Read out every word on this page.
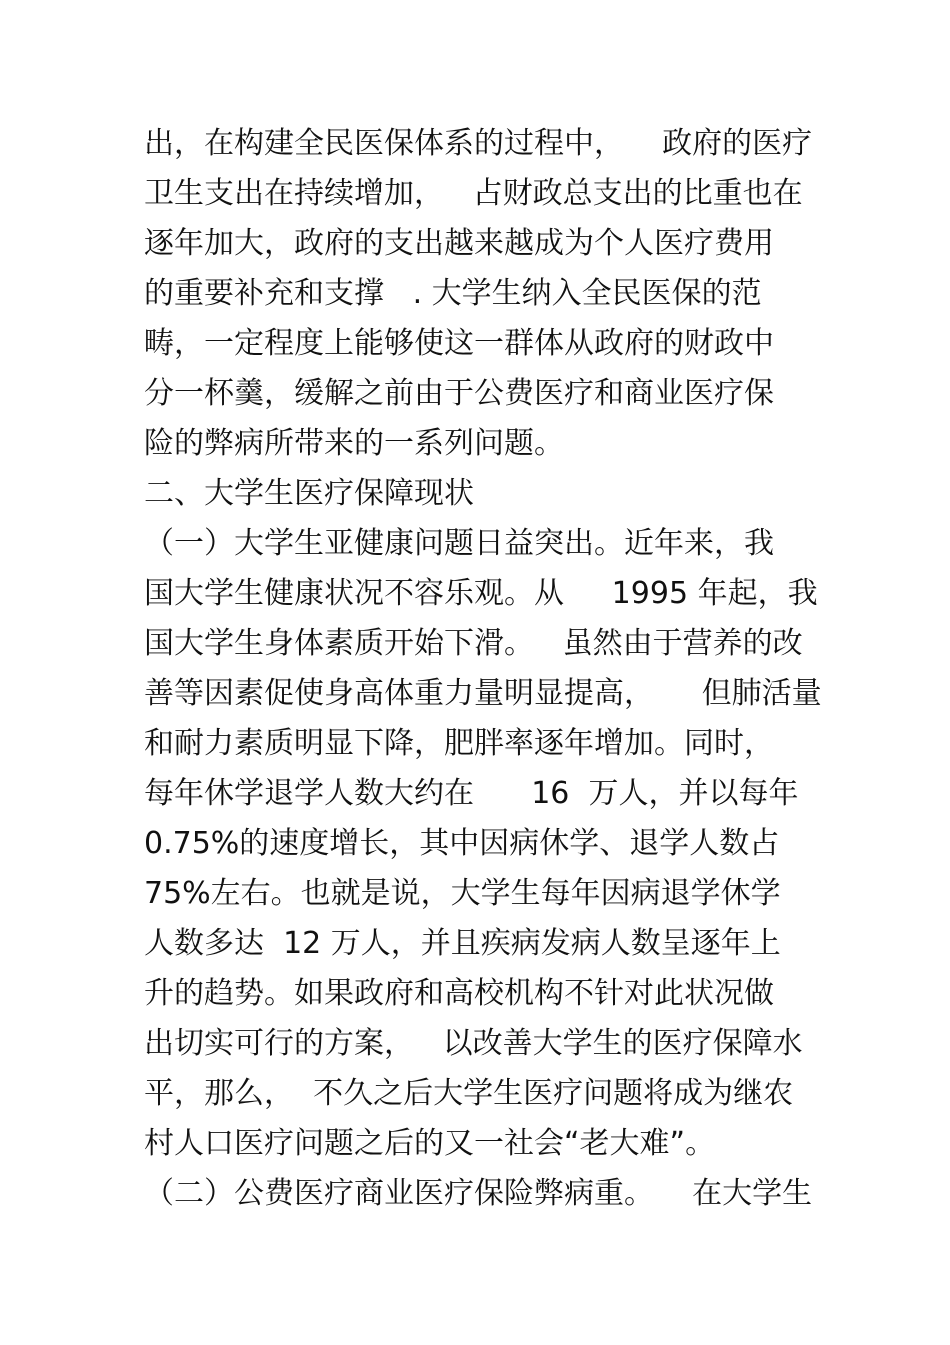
出，在构建全民医保体系的过程中，    政府的医疗
卫生支出在持续增加，   占财政总支出的比重也在
逐年加大，政府的支出越来越成为个人医疗费用
的重要补充和支撑   . 大学生纳入全民医保的范
畴，一定程度上能够使这一群体从政府的财政中
分一杯羹，缓解之前由于公费医疗和商业医疗保
险的弊病所带来的一系列问题。
二、大学生医疗保障现状
（一）大学生亚健康问题日益突出。近年来，我
国大学生健康状况不容乐观。从     1995 年起，我
国大学生身体素质开始下滑。   虽然由于营养的改
善等因素促使身高体重力量明显提高，     但肺活量
和耐力素质明显下降，肥胖率逐年增加。同时，
每年休学退学人数大约在      16  万人，并以每年
0.75%的速度增长，其中因病休学、退学人数占
75%左右。也就是说，大学生每年因病退学休学
人数多达  12 万人，并且疾病发病人数呈逐年上
升的趋势。如果政府和高校机构不针对此状况做
出切实可行的方案，   以改善大学生的医疗保障水
平，那么，  不久之后大学生医疗问题将成为继农
村人口医疗问题之后的又一社会“老大难”。
（二）公费医疗商业医疗保险弊病重。    在大学生
